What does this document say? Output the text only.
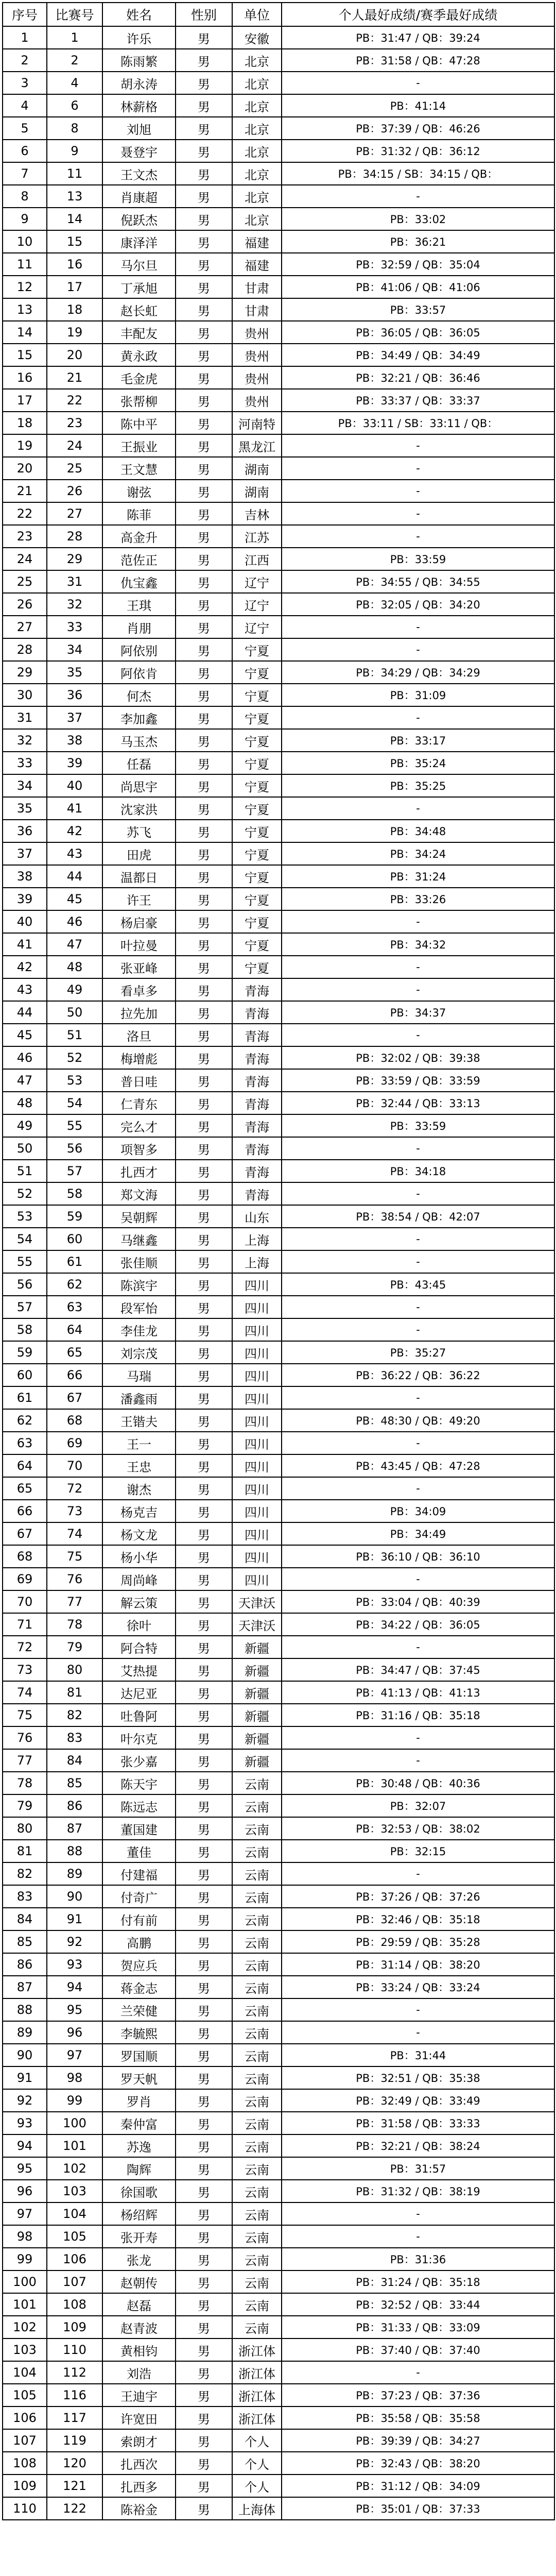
序号	比赛号	姓名	性别	单位	个人最好成绩/赛季最好成绩
1	1	许乐	男	安徽	PB：31:47 / QB：39:24
2	2	陈雨繁	男	北京	PB：31:58 / QB：47:28
3	4	胡永涛	男	北京	-
4	6	林薪格	男	北京	PB：41:14
5	8	刘旭	男	北京	PB：37:39 / QB：46:26
6	9	聂登宇	男	北京	PB：31:32 / QB：36:12
7	11	王文杰	男	北京	PB：34:15 / SB：34:15 / QB：
8	13	肖康超	男	北京	-
9	14	倪跃杰	男	北京	PB：33:02
10	15	康泽洋	男	福建	PB：36:21
11	16	马尔旦	男	福建	PB：32:59 / QB：35:04
12	17	丁承旭	男	甘肃	PB：41:06 / QB：41:06
13	18	赵长虹	男	甘肃	PB：33:57
14	19	丰配友	男	贵州	PB：36:05 / QB：36:05
15	20	黄永政	男	贵州	PB：34:49 / QB：34:49
16	21	毛金虎	男	贵州	PB：32:21 / QB：36:46
17	22	张帮柳	男	贵州	PB：33:37 / QB：33:37
18	23	陈中平	男	河南特	PB：33:11 / SB：33:11 / QB：
19	24	王振业	男	黑龙江	-
20	25	王文慧	男	湖南	-
21	26	谢弦	男	湖南	-
22	27	陈菲	男	吉林	-
23	28	高金升	男	江苏	-
24	29	范佐正	男	江西	PB：33:59
25	31	仇宝鑫	男	辽宁	PB：34:55 / QB：34:55
26	32	王琪	男	辽宁	PB：32:05 / QB：34:20
27	33	肖朋	男	辽宁	-
28	34	阿依别	男	宁夏	-
29	35	阿依肯	男	宁夏	PB：34:29 / QB：34:29
30	36	何杰	男	宁夏	PB：31:09
31	37	李加鑫	男	宁夏	-
32	38	马玉杰	男	宁夏	PB：33:17
33	39	任磊	男	宁夏	PB：35:24
34	40	尚思宇	男	宁夏	PB：35:25
35	41	沈家洪	男	宁夏	-
36	42	苏飞	男	宁夏	PB：34:48
37	43	田虎	男	宁夏	PB：34:24
38	44	温都日	男	宁夏	PB：31:24
39	45	许王	男	宁夏	PB：33:26
40	46	杨启豪	男	宁夏	-
41	47	叶拉曼	男	宁夏	PB：34:32
42	48	张亚峰	男	宁夏	-
43	49	看卓多	男	青海	-
44	50	拉先加	男	青海	PB：34:37
45	51	洛旦	男	青海	-
46	52	梅增彪	男	青海	PB：32:02 / QB：39:38
47	53	普日哇	男	青海	PB：33:59 / QB：33:59
48	54	仁青东	男	青海	PB：32:44 / QB：33:13
49	55	完么才	男	青海	PB：33:59
50	56	项智多	男	青海	-
51	57	扎西才	男	青海	PB：34:18
52	58	郑文海	男	青海	-
53	59	吴朝辉	男	山东	PB：38:54 / QB：42:07
54	60	马继鑫	男	上海	-
55	61	张佳顺	男	上海	-
56	62	陈滨宇	男	四川	PB：43:45
57	63	段军怡	男	四川	-
58	64	李佳龙	男	四川	-
59	65	刘宗茂	男	四川	PB：35:27
60	66	马瑞	男	四川	PB：36:22 / QB：36:22
61	67	潘鑫雨	男	四川	-
62	68	王锴夫	男	四川	PB：48:30 / QB：49:20
63	69	王一	男	四川	-
64	70	王忠	男	四川	PB：43:45 / QB：47:28
65	72	谢杰	男	四川	-
66	73	杨克吉	男	四川	PB：34:09
67	74	杨文龙	男	四川	PB：34:49
68	75	杨小华	男	四川	PB：36:10 / QB：36:10
69	76	周尚峰	男	四川	-
70	77	解云策	男	天津沃	PB：33:04 / QB：40:39
71	78	徐叶	男	天津沃	PB：34:22 / QB：36:05
72	79	阿合特	男	新疆	-
73	80	艾热提	男	新疆	PB：34:47 / QB：37:45
74	81	达尼亚	男	新疆	PB：41:13 / QB：41:13
75	82	吐鲁阿	男	新疆	PB：31:16 / QB：35:18
76	83	叶尔克	男	新疆	-
77	84	张少嘉	男	新疆	-
78	85	陈天宇	男	云南	PB：30:48 / QB：40:36
79	86	陈远志	男	云南	PB：32:07
80	87	董国建	男	云南	PB：32:53 / QB：38:02
81	88	董佳	男	云南	PB：32:15
82	89	付建福	男	云南	-
83	90	付奇广	男	云南	PB：37:26 / QB：37:26
84	91	付有前	男	云南	PB：32:46 / QB：35:18
85	92	高鹏	男	云南	PB：29:59 / QB：35:28
86	93	贺应兵	男	云南	PB：31:14 / QB：38:20
87	94	蒋金志	男	云南	PB：33:24 / QB：33:24
88	95	兰荣健	男	云南	-
89	96	李毓熙	男	云南	-
90	97	罗国顺	男	云南	PB：31:44
91	98	罗天帆	男	云南	PB：32:51 / QB：35:38
92	99	罗肖	男	云南	PB：32:49 / QB：33:49
93	100	秦仲富	男	云南	PB：31:58 / QB：33:33
94	101	苏逸	男	云南	PB：32:21 / QB：38:24
95	102	陶辉	男	云南	PB：31:57
96	103	徐国歌	男	云南	PB：31:32 / QB：38:19
97	104	杨绍辉	男	云南	-
98	105	张开寿	男	云南	-
99	106	张龙	男	云南	PB：31:36
100	107	赵朝传	男	云南	PB：31:24 / QB：35:18
101	108	赵磊	男	云南	PB：32:52 / QB：33:44
102	109	赵青波	男	云南	PB：31:33 / QB：33:09
103	110	黄相钧	男	浙江体	PB：37:40 / QB：37:40
104	112	刘浩	男	浙江体	-
105	116	王迪宇	男	浙江体	PB：37:23 / QB：37:36
106	117	许宽田	男	浙江体	PB：35:58 / QB：35:58
107	119	索朗才	男	个人	PB：39:39 / QB：34:27
108	120	扎西次	男	个人	PB：32:43 / QB：38:20
109	121	扎西多	男	个人	PB：31:12 / QB：34:09
110	122	陈裕金	男	上海体	PB：35:01 / QB：37:33
